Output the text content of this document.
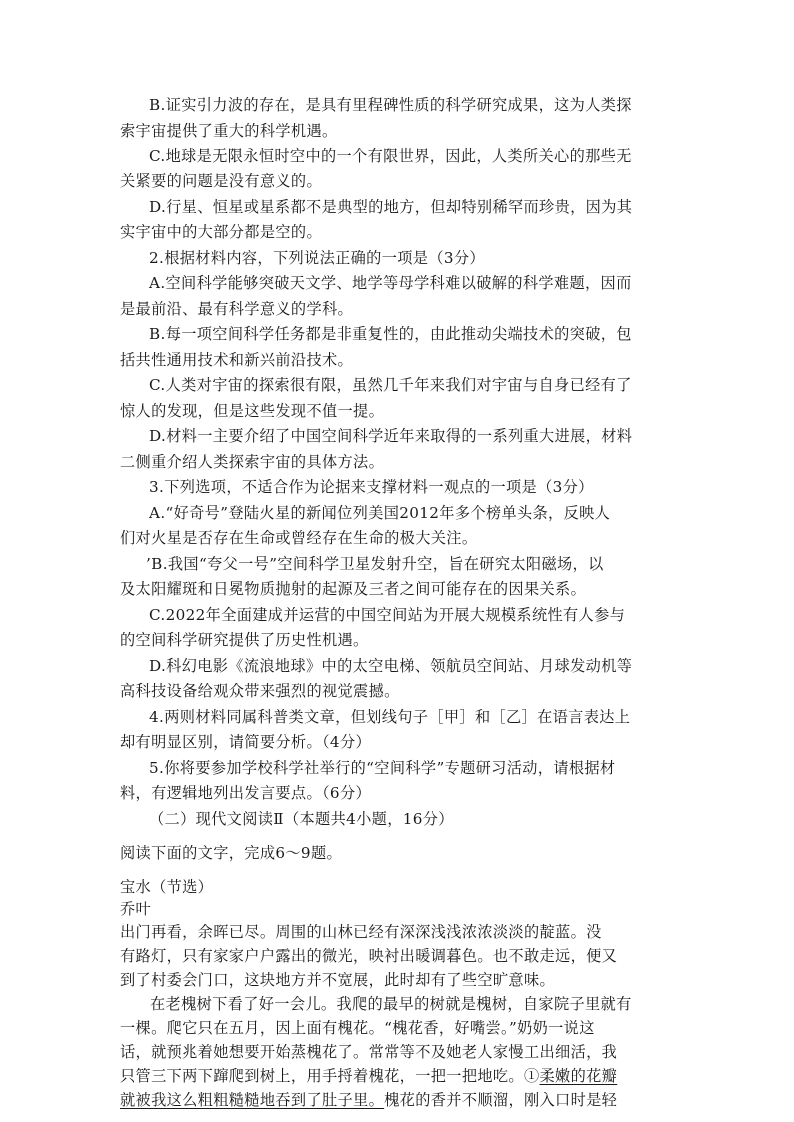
B.证实引力波的存在，是具有里程碑性质的科学研究成果，这为人类探
索宇宙提供了重大的科学机遇。
C.地球是无限永恒时空中的一个有限世界，因此，人类所关心的那些无
关紧要的问题是没有意义的。
D.行星、恒星或星系都不是典型的地方，但却特别稀罕而珍贵，因为其
实宇宙中的大部分都是空的。
2.根据材料内容，下列说法正确的一项是（3分）
A.空间科学能够突破天文学、地学等母学科难以破解的科学难题，因而
是最前沿、最有科学意义的学科。
B.每一项空间科学任务都是非重复性的，由此推动尖端技术的突破，包
括共性通用技术和新兴前沿技术。
C.人类对宇宙的探索很有限，虽然几千年来我们对宇宙与自身已经有了
惊人的发现，但是这些发现不值一提。
D.材料一主要介绍了中国空间科学近年来取得的一系列重大进展，材料
二侧重介绍人类探索宇宙的具体方法。
3.下列选项，不适合作为论据来支撑材料一观点的一项是（3分）
A.“好奇号”登陆火星的新闻位列美国2012年多个榜单头条，反映人
们对火星是否存在生命或曾经存在生命的极大关注。
’B.我国“夸父一号”空间科学卫星发射升空，旨在研究太阳磁场，以
及太阳耀斑和日冕物质抛射的起源及三者之间可能存在的因果关系。
C.2022年全面建成并运营的中国空间站为开展大规模系统性有人参与
的空间科学研究提供了历史性机遇。
D.科幻电影《流浪地球》中的太空电梯、领航员空间站、月球发动机等
高科技设备给观众带来强烈的视觉震撼。
4.两则材料同属科普类文章，但划线句子［甲］和［乙］在语言表达上
却有明显区别，请简要分析。（4分）
5.你将要参加学校科学社举行的“空间科学”专题研习活动，请根据材
料，有逻辑地列出发言要点。（6分）
（二）现代文阅读Ⅱ（本题共4小题，16分）
阅读下面的文字，完成6～9题。
宝水（节选）
乔叶
出门再看，余晖已尽。周围的山林已经有深深浅浅浓浓淡淡的靛蓝。没
有路灯，只有家家户户露出的微光，映衬出暖调暮色。也不敢走远，便又
到了村委会门口，这块地方并不宽展，此时却有了些空旷意味。
在老槐树下看了好一会儿。我爬的最早的树就是槐树，自家院子里就有
一棵。爬它只在五月，因上面有槐花。“槐花香，好嘴尝。”奶奶一说这
话，就预兆着她想要开始蒸槐花了。常常等不及她老人家慢工出细活，我
只管三下两下蹿爬到树上，用手捋着槐花，一把一把地吃。①柔嫩的花瓣
就被我这么粗粗糙糙地吞到了肚子里。槐花的香并不顺溜，刚入口时是轻
